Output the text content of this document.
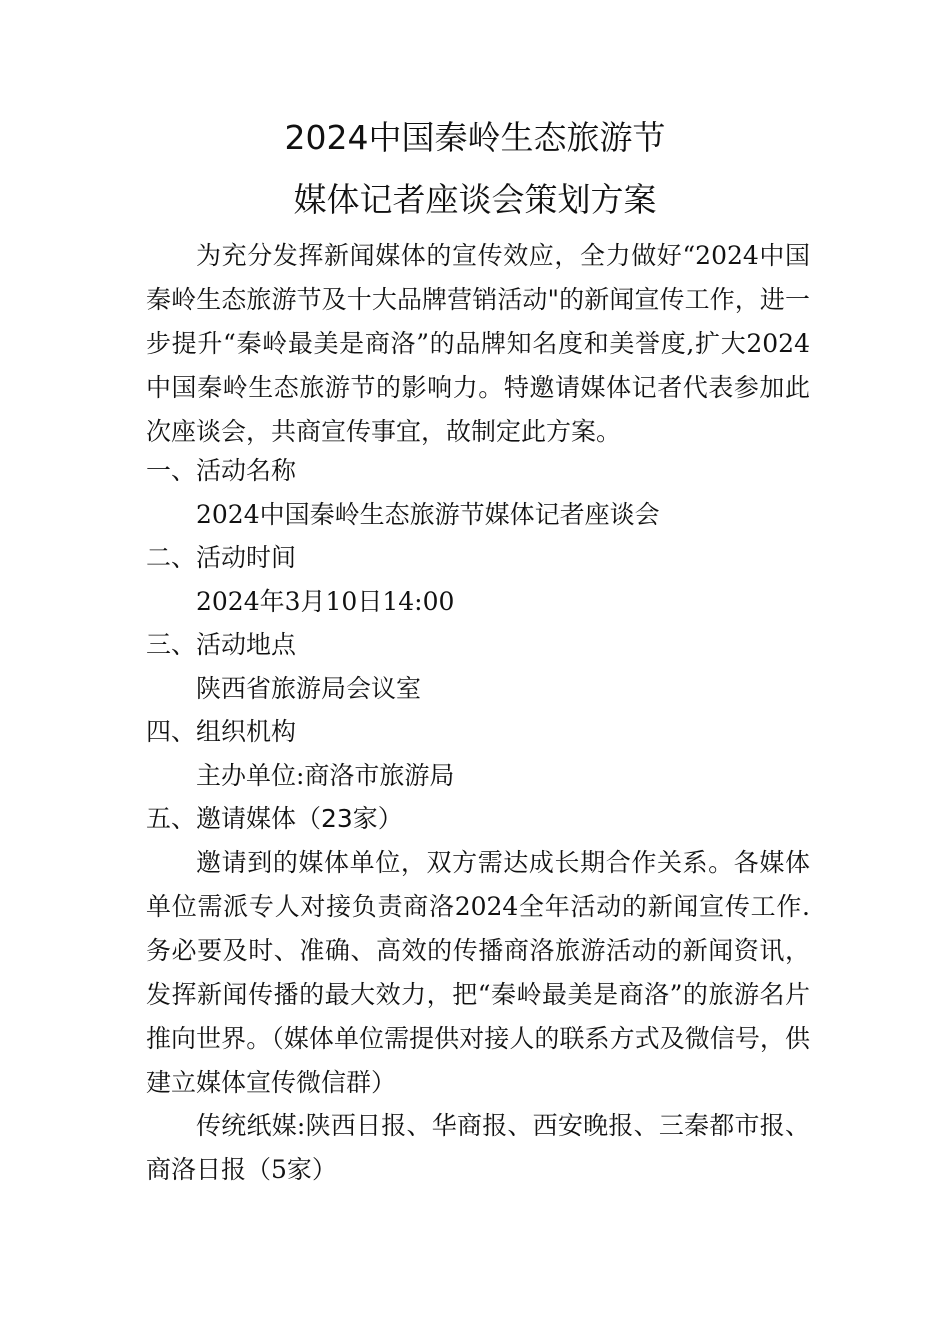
2024中国秦岭生态旅游节
媒体记者座谈会策划方案

为充分发挥新闻媒体的宣传效应，全力做好“2024中国秦岭生态旅游节及十大品牌营销活动"的新闻宣传工作，进一步提升“秦岭最美是商洛”的品牌知名度和美誉度,扩大2024中国秦岭生态旅游节的影响力。特邀请媒体记者代表参加此次座谈会，共商宣传事宜，故制定此方案。

一、活动名称
2024中国秦岭生态旅游节媒体记者座谈会
二、活动时间
2024年3月10日14:00
三、活动地点
陕西省旅游局会议室
四、组织机构
主办单位:商洛市旅游局
五、邀请媒体（23家）

邀请到的媒体单位，双方需达成长期合作关系。各媒体单位需派专人对接负责商洛2024全年活动的新闻宣传工作.务必要及时、准确、高效的传播商洛旅游活动的新闻资讯，发挥新闻传播的最大效力，把“秦岭最美是商洛”的旅游名片推向世界。（媒体单位需提供对接人的联系方式及微信号，供建立媒体宣传微信群）

传统纸媒:陕西日报、华商报、西安晚报、三秦都市报、商洛日报（5家）
